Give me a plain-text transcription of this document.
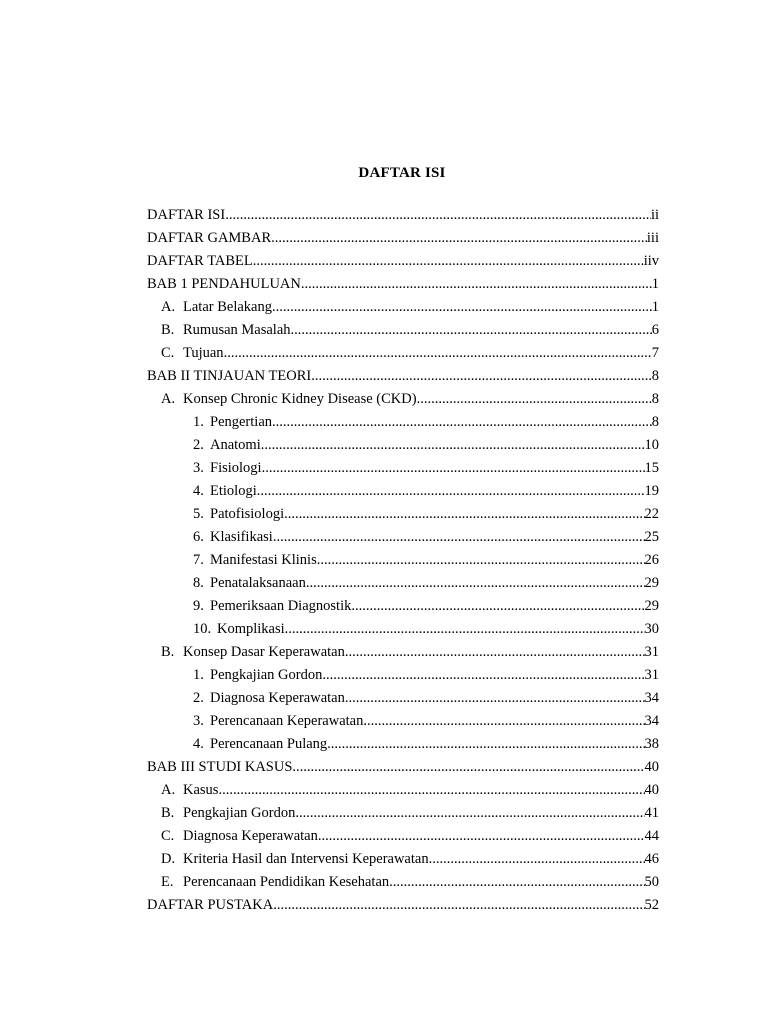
DAFTAR ISI
DAFTAR ISI .....	ii
DAFTAR GAMBAR .....	iii
DAFTAR TABEL .....	iiv
BAB 1 PENDAHULUAN .....	1
A. Latar Belakang .....	1
B. Rumusan Masalah .....	6
C. Tujuan .....	7
BAB II TINJAUAN TEORI .....	8
A. Konsep Chronic Kidney Disease (CKD) .....	8
1. Pengertian .....	8
2. Anatomi .....	10
3. Fisiologi .....	15
4. Etiologi .....	19
5. Patofisiologi .....	22
6. Klasifikasi .....	25
7. Manifestasi Klinis .....	26
8. Penatalaksanaan .....	29
9. Pemeriksaan Diagnostik .....	29
10. Komplikasi .....	30
B. Konsep Dasar Keperawatan .....	31
1. Pengkajian Gordon .....	31
2. Diagnosa Keperawatan .....	34
3. Perencanaan Keperawatan .....	34
4. Perencanaan Pulang .....	38
BAB III STUDI KASUS .....	40
A. Kasus .....	40
B. Pengkajian Gordon .....	41
C. Diagnosa Keperawatan .....	44
D. Kriteria Hasil dan Intervensi Keperawatan .....	46
E. Perencanaan Pendidikan Kesehatan .....	50
DAFTAR PUSTAKA .....	52
